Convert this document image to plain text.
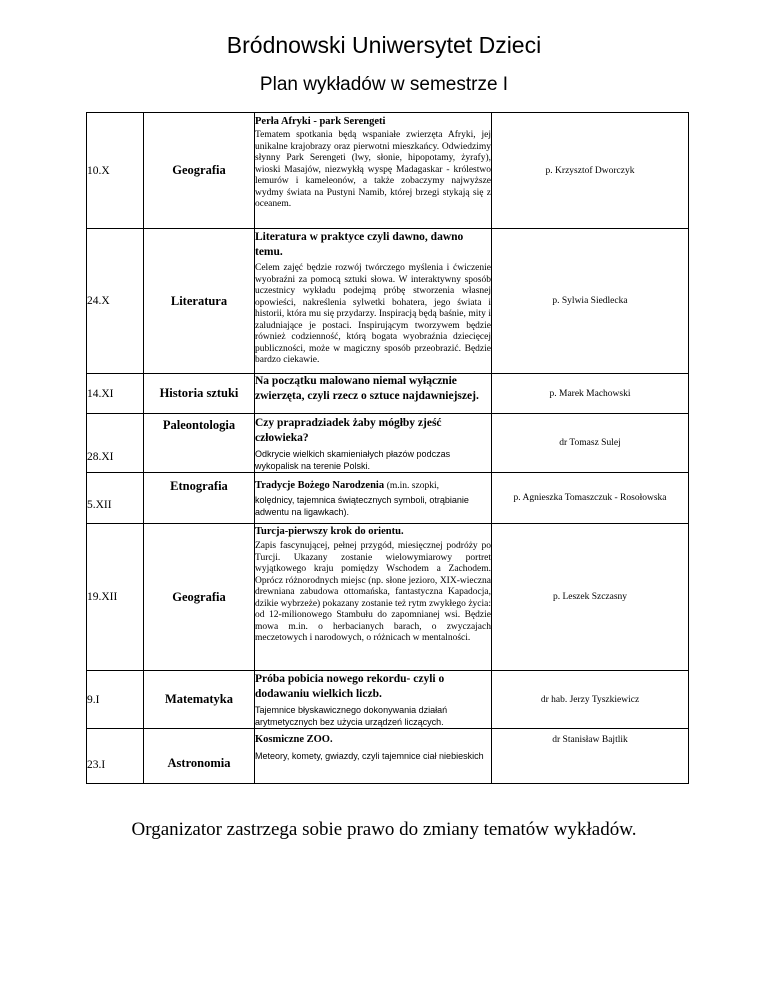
Bródnowski Uniwersytet Dzieci
Plan wykładów w semestrze I
10.X	Geografia	Perła Afryki - park Serengeti
Tematem spotkania będą wspaniałe zwierzęta Afryki, jej unikalne krajobrazy oraz pierwotni mieszkańcy. Odwiedzimy słynny Park Serengeti (lwy, słonie, hipopotamy, żyrafy), wioski Masajów, niezwykłą wyspę Madagaskar - królestwo lemurów i kameleonów, a także zobaczymy najwyższe wydmy świata na Pustyni Namib, której brzegi stykają się z oceanem.	p. Krzysztof Dworczyk
24.X	Literatura	Literatura w praktyce czyli dawno, dawno temu.
Celem zajęć będzie rozwój twórczego myślenia i ćwiczenie wyobraźni za pomocą sztuki słowa. W interaktywny sposób uczestnicy wykładu podejmą próbę stworzenia własnej opowieści, nakreślenia sylwetki bohatera, jego świata i historii, która mu się przydarzy. Inspiracją będą baśnie, mity i zaludniające je postaci. Inspirującym tworzywem będzie również codzienność, którą bogata wyobraźnia dziecięcej publiczności, może w magiczny sposób przeobrazić. Będzie bardzo ciekawie.	p. Sylwia Siedlecka
14.XI	Historia sztuki	Na początku malowano niemal wyłącznie zwierzęta, czyli rzecz o sztuce najdawniejszej.	p. Marek Machowski
28.XI	Paleontologia	Czy prapradziadek żaby mógłby zjeść człowieka?
Odkrycie wielkich skamieniałych płazów podczas wykopalisk na terenie Polski.	dr Tomasz Sulej
5.XII	Etnografia	Tradycje Bożego Narodzenia (m.in. szopki,
kolędnicy, tajemnica świątecznych symboli, otrąbianie adwentu na ligawkach).	p. Agnieszka Tomaszczuk - Rosołowska
19.XII	Geografia	Turcja-pierwszy krok do orientu.
Zapis fascynującej, pełnej przygód, miesięcznej podróży po Turcji. Ukazany zostanie wielowymiarowy portret wyjątkowego kraju pomiędzy Wschodem a Zachodem. Oprócz różnorodnych miejsc (np. słone jezioro, XIX-wieczna drewniana zabudowa ottomańska, fantastyczna Kapadocja, dzikie wybrzeże) pokazany zostanie też rytm zwykłego życia: od 12-milionowego Stambułu do zapomnianej wsi. Będzie mowa m.in. o herbacianych barach, o zwyczajach meczetowych i narodowych, o różnicach w mentalności.	p. Leszek Szczasny
9.I	Matematyka	Próba pobicia nowego rekordu- czyli o dodawaniu wielkich liczb.
Tajemnice błyskawicznego dokonywania działań arytmetycznych bez użycia urządzeń liczących.	dr hab. Jerzy Tyszkiewicz
23.I	Astronomia	Kosmiczne ZOO.
Meteory, komety, gwiazdy, czyli tajemnice ciał niebieskich	dr Stanisław Bajtlik
Organizator zastrzega sobie prawo do zmiany tematów wykładów.
